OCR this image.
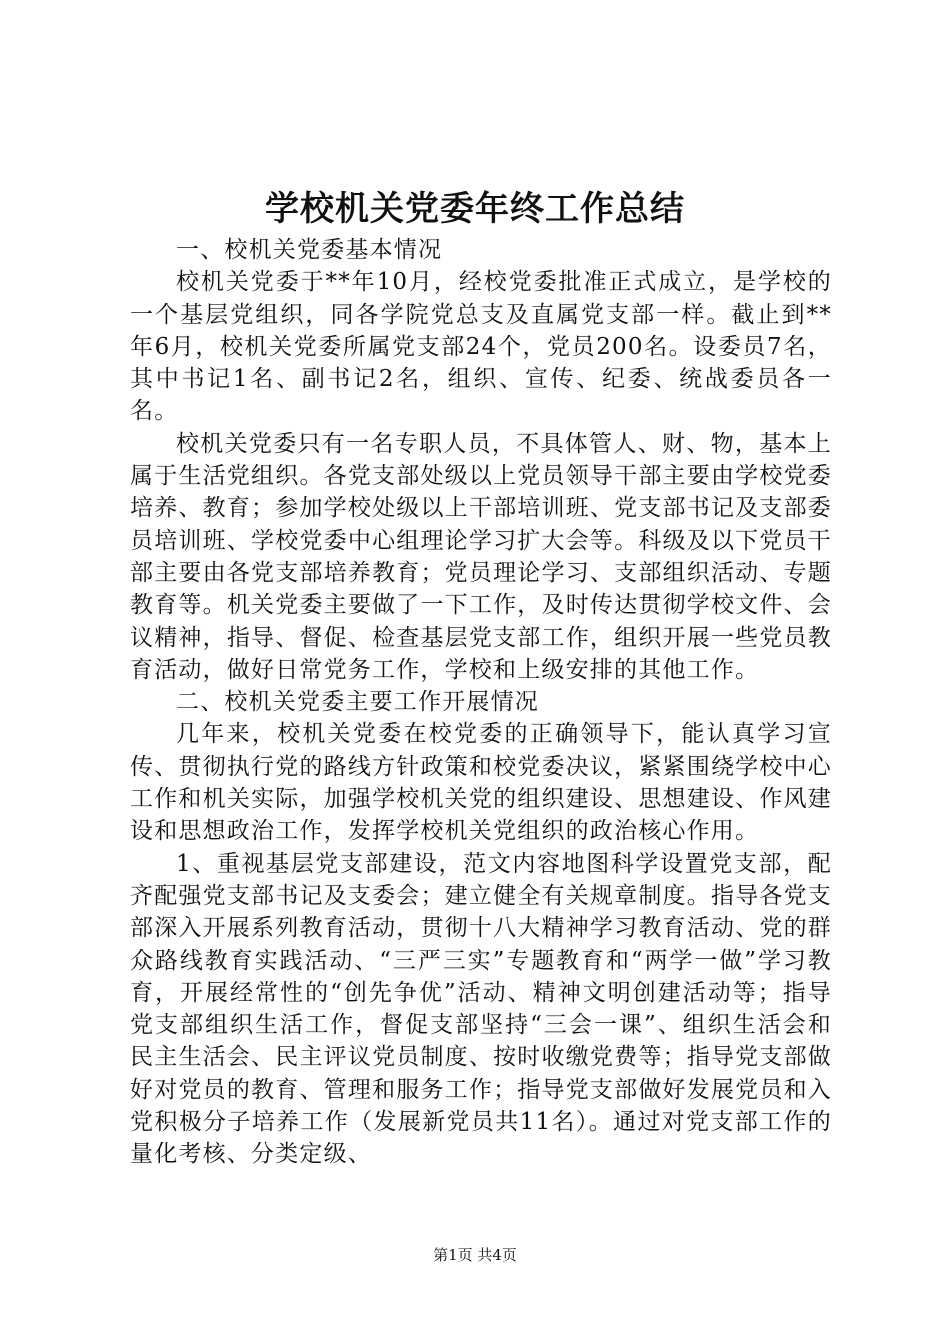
学校机关党委年终工作总结

一、校机关党委基本情况

校机关党委于**年10月，经校党委批准正式成立，是学校的一个基层党组织，同各学院党总支及直属党支部一样。截止到**年6月，校机关党委所属党支部24个，党员200名。设委员7名，其中书记1名、副书记2名，组织、宣传、纪委、统战委员各一名。

校机关党委只有一名专职人员，不具体管人、财、物，基本上属于生活党组织。各党支部处级以上党员领导干部主要由学校党委培养、教育；参加学校处级以上干部培训班、党支部书记及支部委员培训班、学校党委中心组理论学习扩大会等。科级及以下党员干部主要由各党支部培养教育；党员理论学习、支部组织活动、专题教育等。机关党委主要做了一下工作，及时传达贯彻学校文件、会议精神，指导、督促、检查基层党支部工作，组织开展一些党员教育活动，做好日常党务工作，学校和上级安排的其他工作。

二、校机关党委主要工作开展情况

几年来，校机关党委在校党委的正确领导下，能认真学习宣传、贯彻执行党的路线方针政策和校党委决议，紧紧围绕学校中心工作和机关实际，加强学校机关党的组织建设、思想建设、作风建设和思想政治工作，发挥学校机关党组织的政治核心作用。

1、重视基层党支部建设，范文内容地图科学设置党支部，配齐配强党支部书记及支委会；建立健全有关规章制度。指导各党支部深入开展系列教育活动，贯彻十八大精神学习教育活动、党的群众路线教育实践活动、“三严三实”专题教育和“两学一做”学习教育，开展经常性的“创先争优”活动、精神文明创建活动等；指导党支部组织生活工作，督促支部坚持“三会一课”、组织生活会和民主生活会、民主评议党员制度、按时收缴党费等；指导党支部做好对党员的教育、管理和服务工作；指导党支部做好发展党员和入党积极分子培养工作（发展新党员共11名）。通过对党支部工作的量化考核、分类定级、

第1页 共4页
